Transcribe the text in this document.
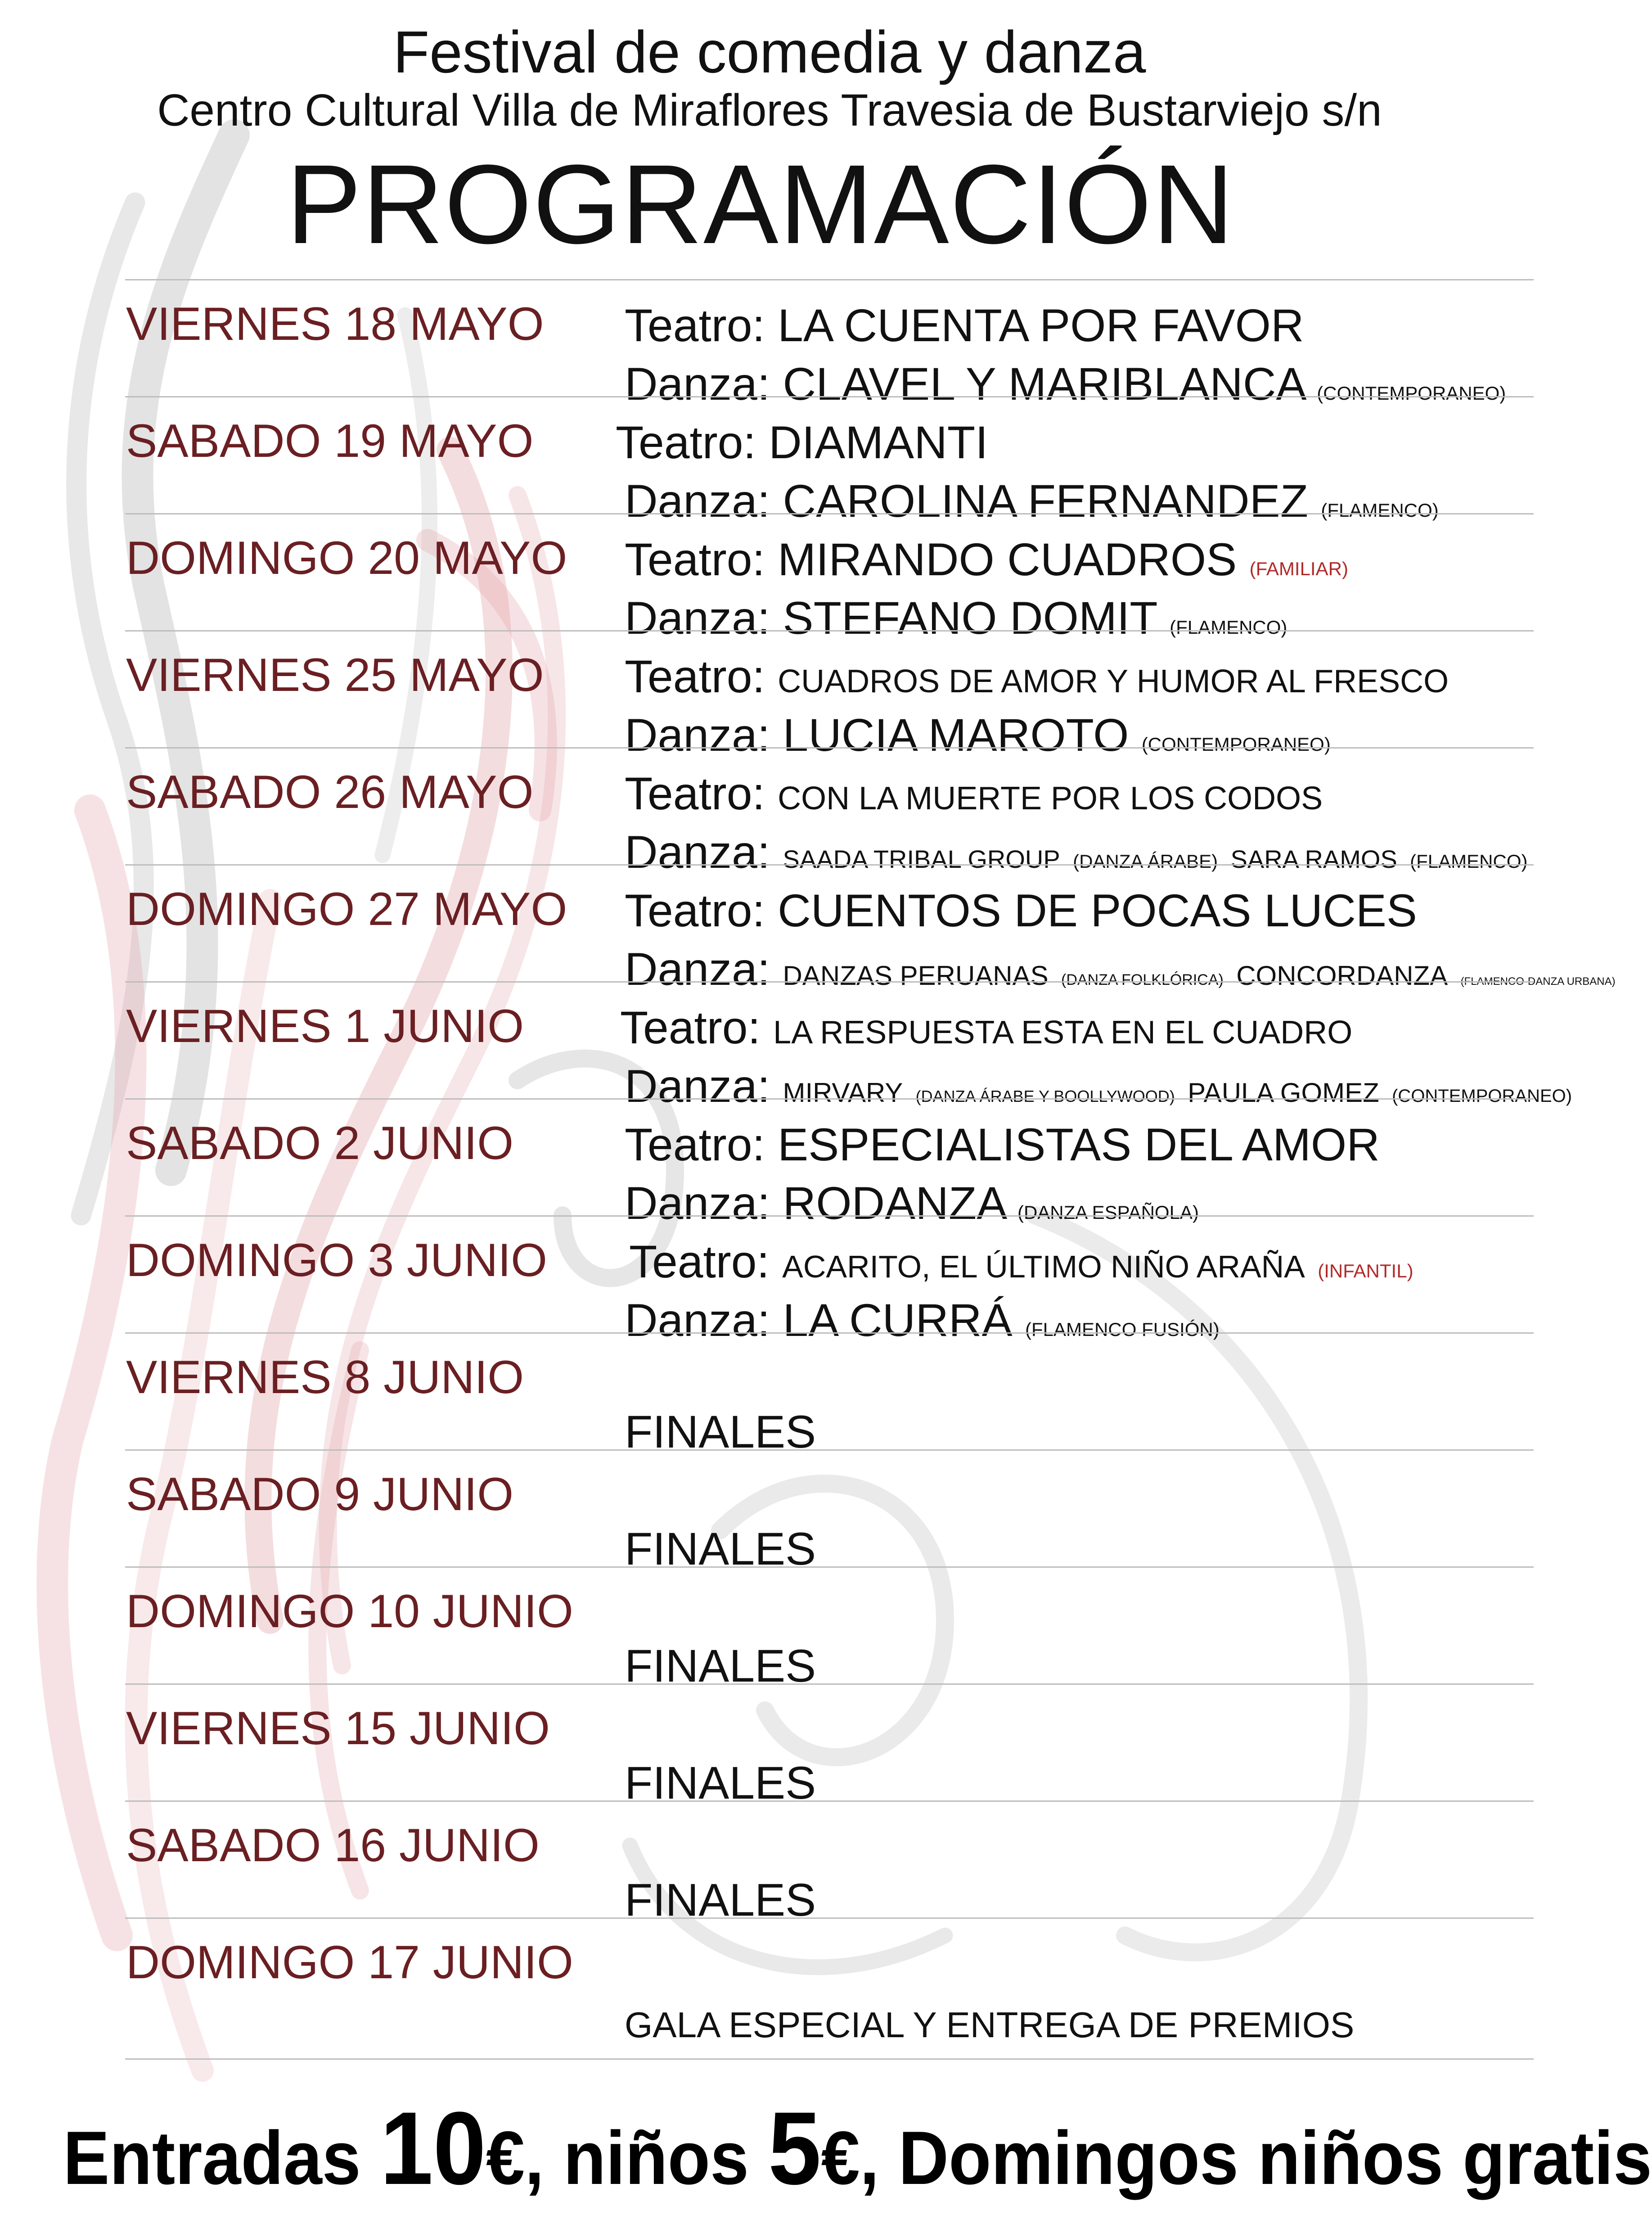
Festival de comedia y danza
Centro Cultural Villa de Miraflores Travesia de Bustarviejo s/n
PROGRAMACIÓN
VIERNES 18 MAYO Teatro: LA CUENTA POR FAVOR
Danza: CLAVEL Y MARIBLANCA (CONTEMPORANEO)
SABADO 19 MAYO Teatro: DIAMANTI
Danza: CAROLINA FERNANDEZ (FLAMENCO)
DOMINGO 20 MAYO Teatro: MIRANDO CUADROS (FAMILIAR)
Danza: STEFANO DOMIT (FLAMENCO)
VIERNES 25 MAYO Teatro: CUADROS DE AMOR Y HUMOR AL FRESCO
Danza: LUCIA MAROTO (CONTEMPORANEO)
SABADO 26 MAYO Teatro: CON LA MUERTE POR LOS CODOS
Danza: SAADA TRIBAL GROUP (DANZA ÁRABE) SARA RAMOS (FLAMENCO)
DOMINGO 27 MAYO Teatro: CUENTOS DE POCAS LUCES
Danza: DANZAS PERUANAS (DANZA FOLKLÓRICA) CONCORDANZA (FLAMENCO-DANZA URBANA)
VIERNES 1 JUNIO Teatro: LA RESPUESTA ESTA EN EL CUADRO
Danza: MIRVARY (DANZA ÁRABE Y BOOLLYWOOD) PAULA GOMEZ (CONTEMPORANEO)
SABADO 2 JUNIO Teatro: ESPECIALISTAS DEL AMOR
Danza: RODANZA (DANZA ESPAÑOLA)
DOMINGO 3 JUNIO Teatro: ACARITO, EL ÚLTIMO NIÑO ARAÑA (INFANTIL)
Danza: LA CURRÁ (FLAMENCO FUSIÓN)
VIERNES 8 JUNIO
FINALES
SABADO 9 JUNIO
FINALES
DOMINGO 10 JUNIO
FINALES
VIERNES 15 JUNIO
FINALES
SABADO 16 JUNIO
FINALES
DOMINGO 17 JUNIO
GALA ESPECIAL Y ENTREGA DE PREMIOS
Entradas 10€, niños 5€, Domingos niños gratis
